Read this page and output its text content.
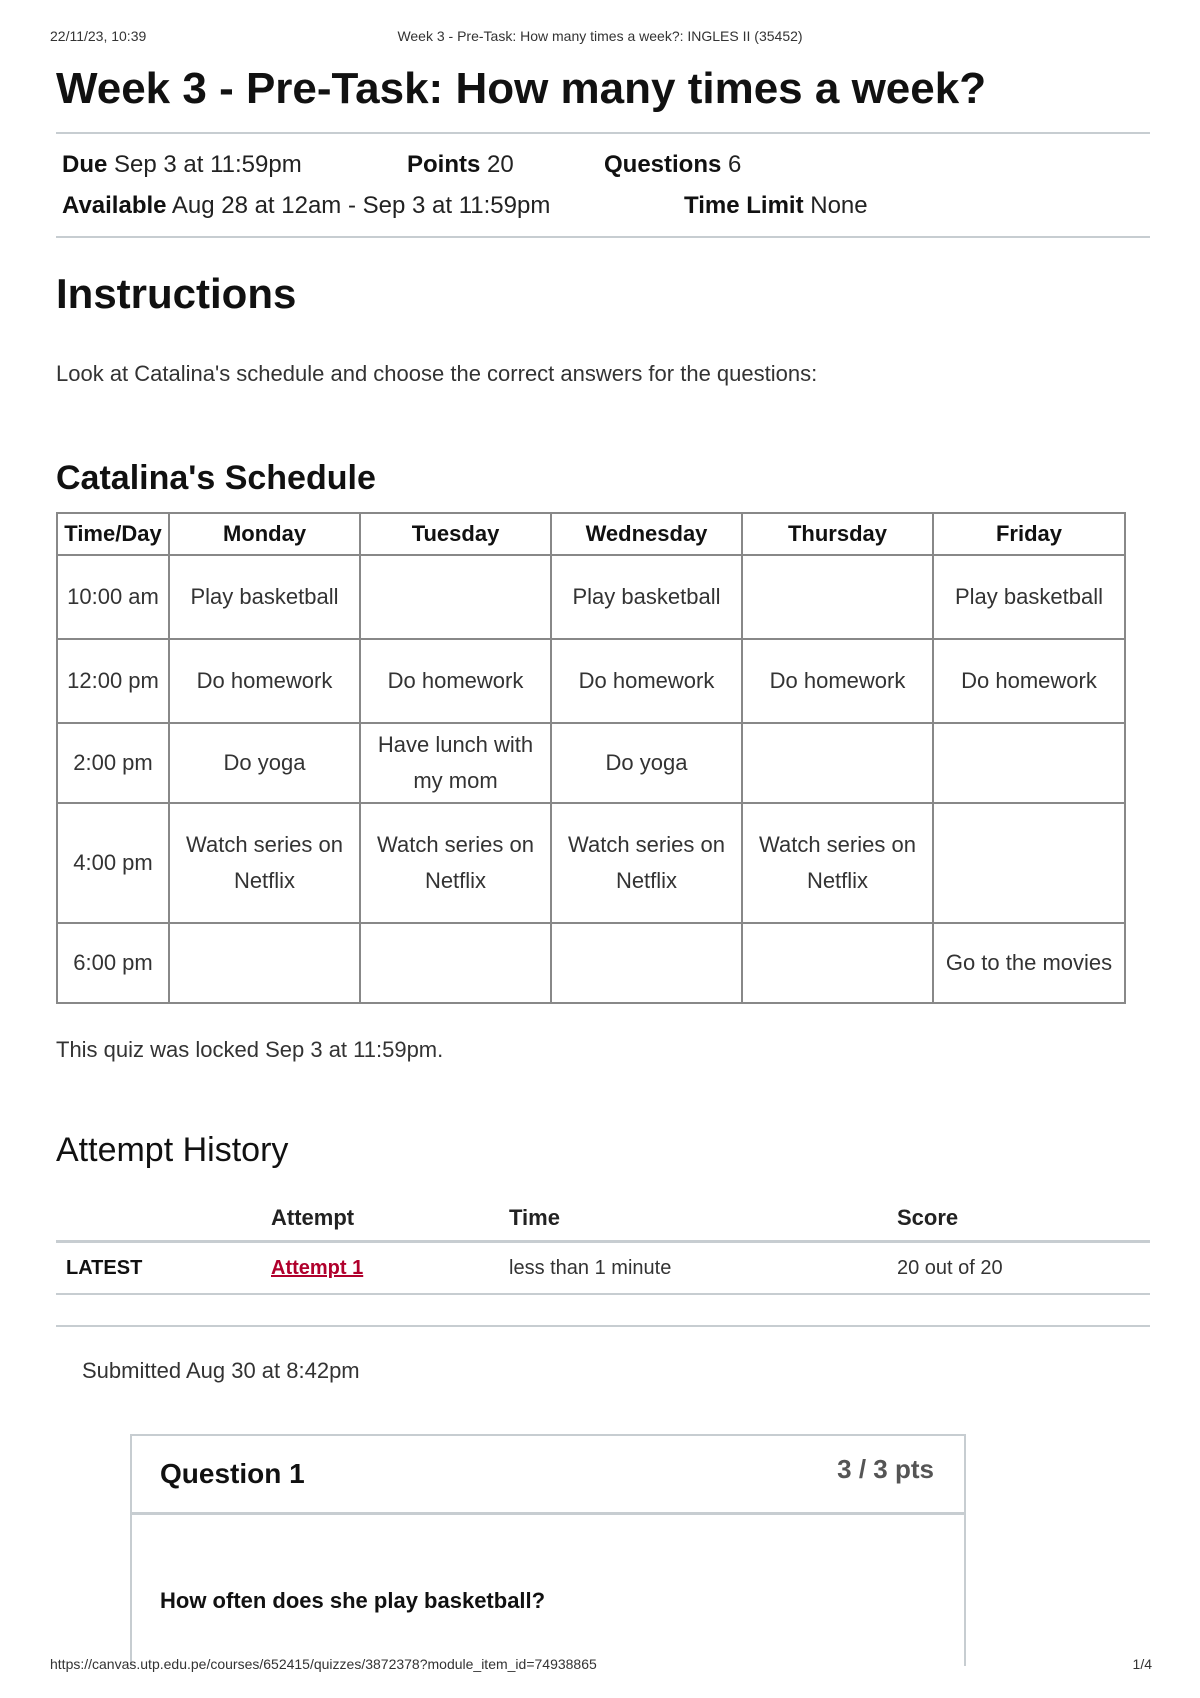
22/11/23, 10:39	Week 3 - Pre-Task: How many times a week?: INGLES II (35452)
Week 3 - Pre-Task: How many times a week?
Due Sep 3 at 11:59pm	Points 20	Questions 6
Available Aug 28 at 12am - Sep 3 at 11:59pm	Time Limit None
Instructions
Look at Catalina's schedule and choose the correct answers for the questions:
Catalina's Schedule
Time/Day	Monday	Tuesday	Wednesday	Thursday	Friday
10:00 am	Play basketball		Play basketball		Play basketball
12:00 pm	Do homework	Do homework	Do homework	Do homework	Do homework
2:00 pm	Do yoga	Have lunch with my mom	Do yoga		
4:00 pm	Watch series on Netflix	Watch series on Netflix	Watch series on Netflix	Watch series on Netflix	
6:00 pm					Go to the movies
This quiz was locked Sep 3 at 11:59pm.
Attempt History
	Attempt	Time	Score
LATEST	Attempt 1	less than 1 minute	20 out of 20
Submitted Aug 30 at 8:42pm
Question 1	3 / 3 pts
How often does she play basketball?
https://canvas.utp.edu.pe/courses/652415/quizzes/3872378?module_item_id=74938865	1/4
